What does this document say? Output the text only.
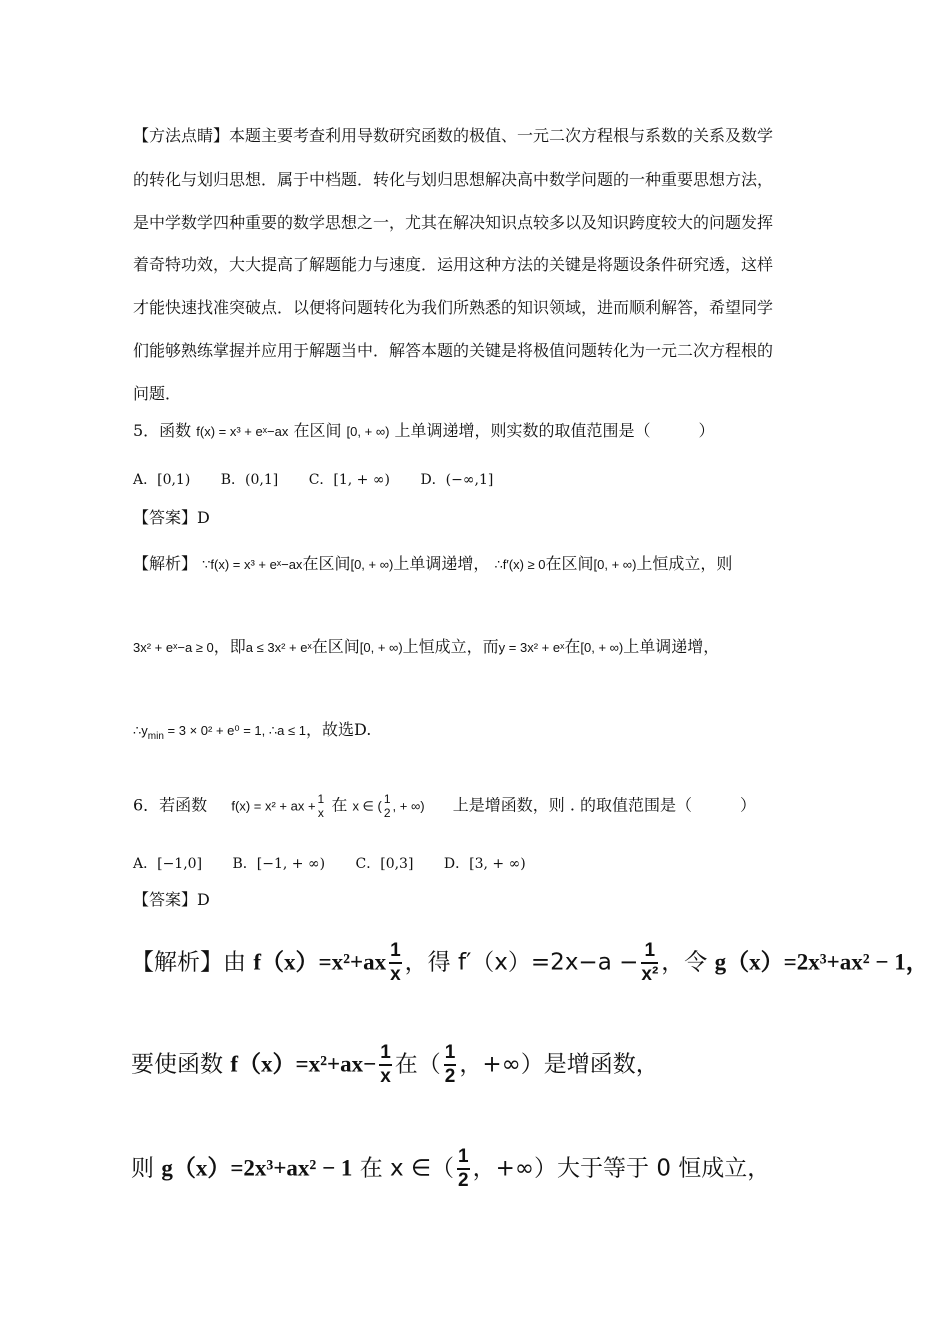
【方法点睛】本题主要考查利用导数研究函数的极值、一元二次方程根与系数的关系及数学
的转化与划归思想．属于中档题．转化与划归思想解决高中数学问题的一种重要思想方法，
是中学数学四种重要的数学思想之一，尤其在解决知识点较多以及知识跨度较大的问题发挥
着奇特功效，大大提高了解题能力与速度．运用这种方法的关键是将题设条件研究透，这样
才能快速找准突破点．以便将问题转化为我们所熟悉的知识领域，进而顺利解答，希望同学
们能够熟练掌握并应用于解题当中．解答本题的关键是将极值问题转化为一元二次方程根的
问题．
5．函数 f(x) = x³ + eˣ−ax 在区间 [0, + ∞) 上单调递增，则实数的取值范围是（　　　）
A．[0,1) B．(0,1] C．[1, + ∞) D．(−∞,1]
【答案】D
【解析】 ∵f(x) = x³ + eˣ−ax在区间[0, + ∞)上单调递增， ∴f′(x) ≥ 0在区间[0, + ∞)上恒成立，则
3x² + eˣ−a ≥ 0，即a ≤ 3x² + eˣ在区间[0, + ∞)上恒成立，而y = 3x² + eˣ在[0, + ∞)上单调递增，
$\therefore y_{min} = 3 \times 0^2 + e^0 = 1$, ∴a ≤ 1，故选D.
6．若函数 f(x) = x² + ax + 1
x 在 x ∈ ( 1
2 , + ∞) 上是增函数，则 . 的取值范围是（　　　）
A．[−1,0] B．[−1, + ∞) C．[0,3] D．[3, + ∞)
【答案】D
【解析】由 $f(x)=x^2+ax \frac{1}{x}$ ，得 $f'(x)=2x-a - \frac{1}{\text{x²}}$ ，令 g（x）=2x³+ax² − 1，
要使函数 $f(x)=x^2+ax- \frac{1}{x}$ 在（ $\frac{1}{2}$ ，+∞）是增函数，
则 g（x）=2x³+ax² − 1 在 x ∈（ $\frac{1}{2}$ ，+∞）大于等于 0 恒成立，
